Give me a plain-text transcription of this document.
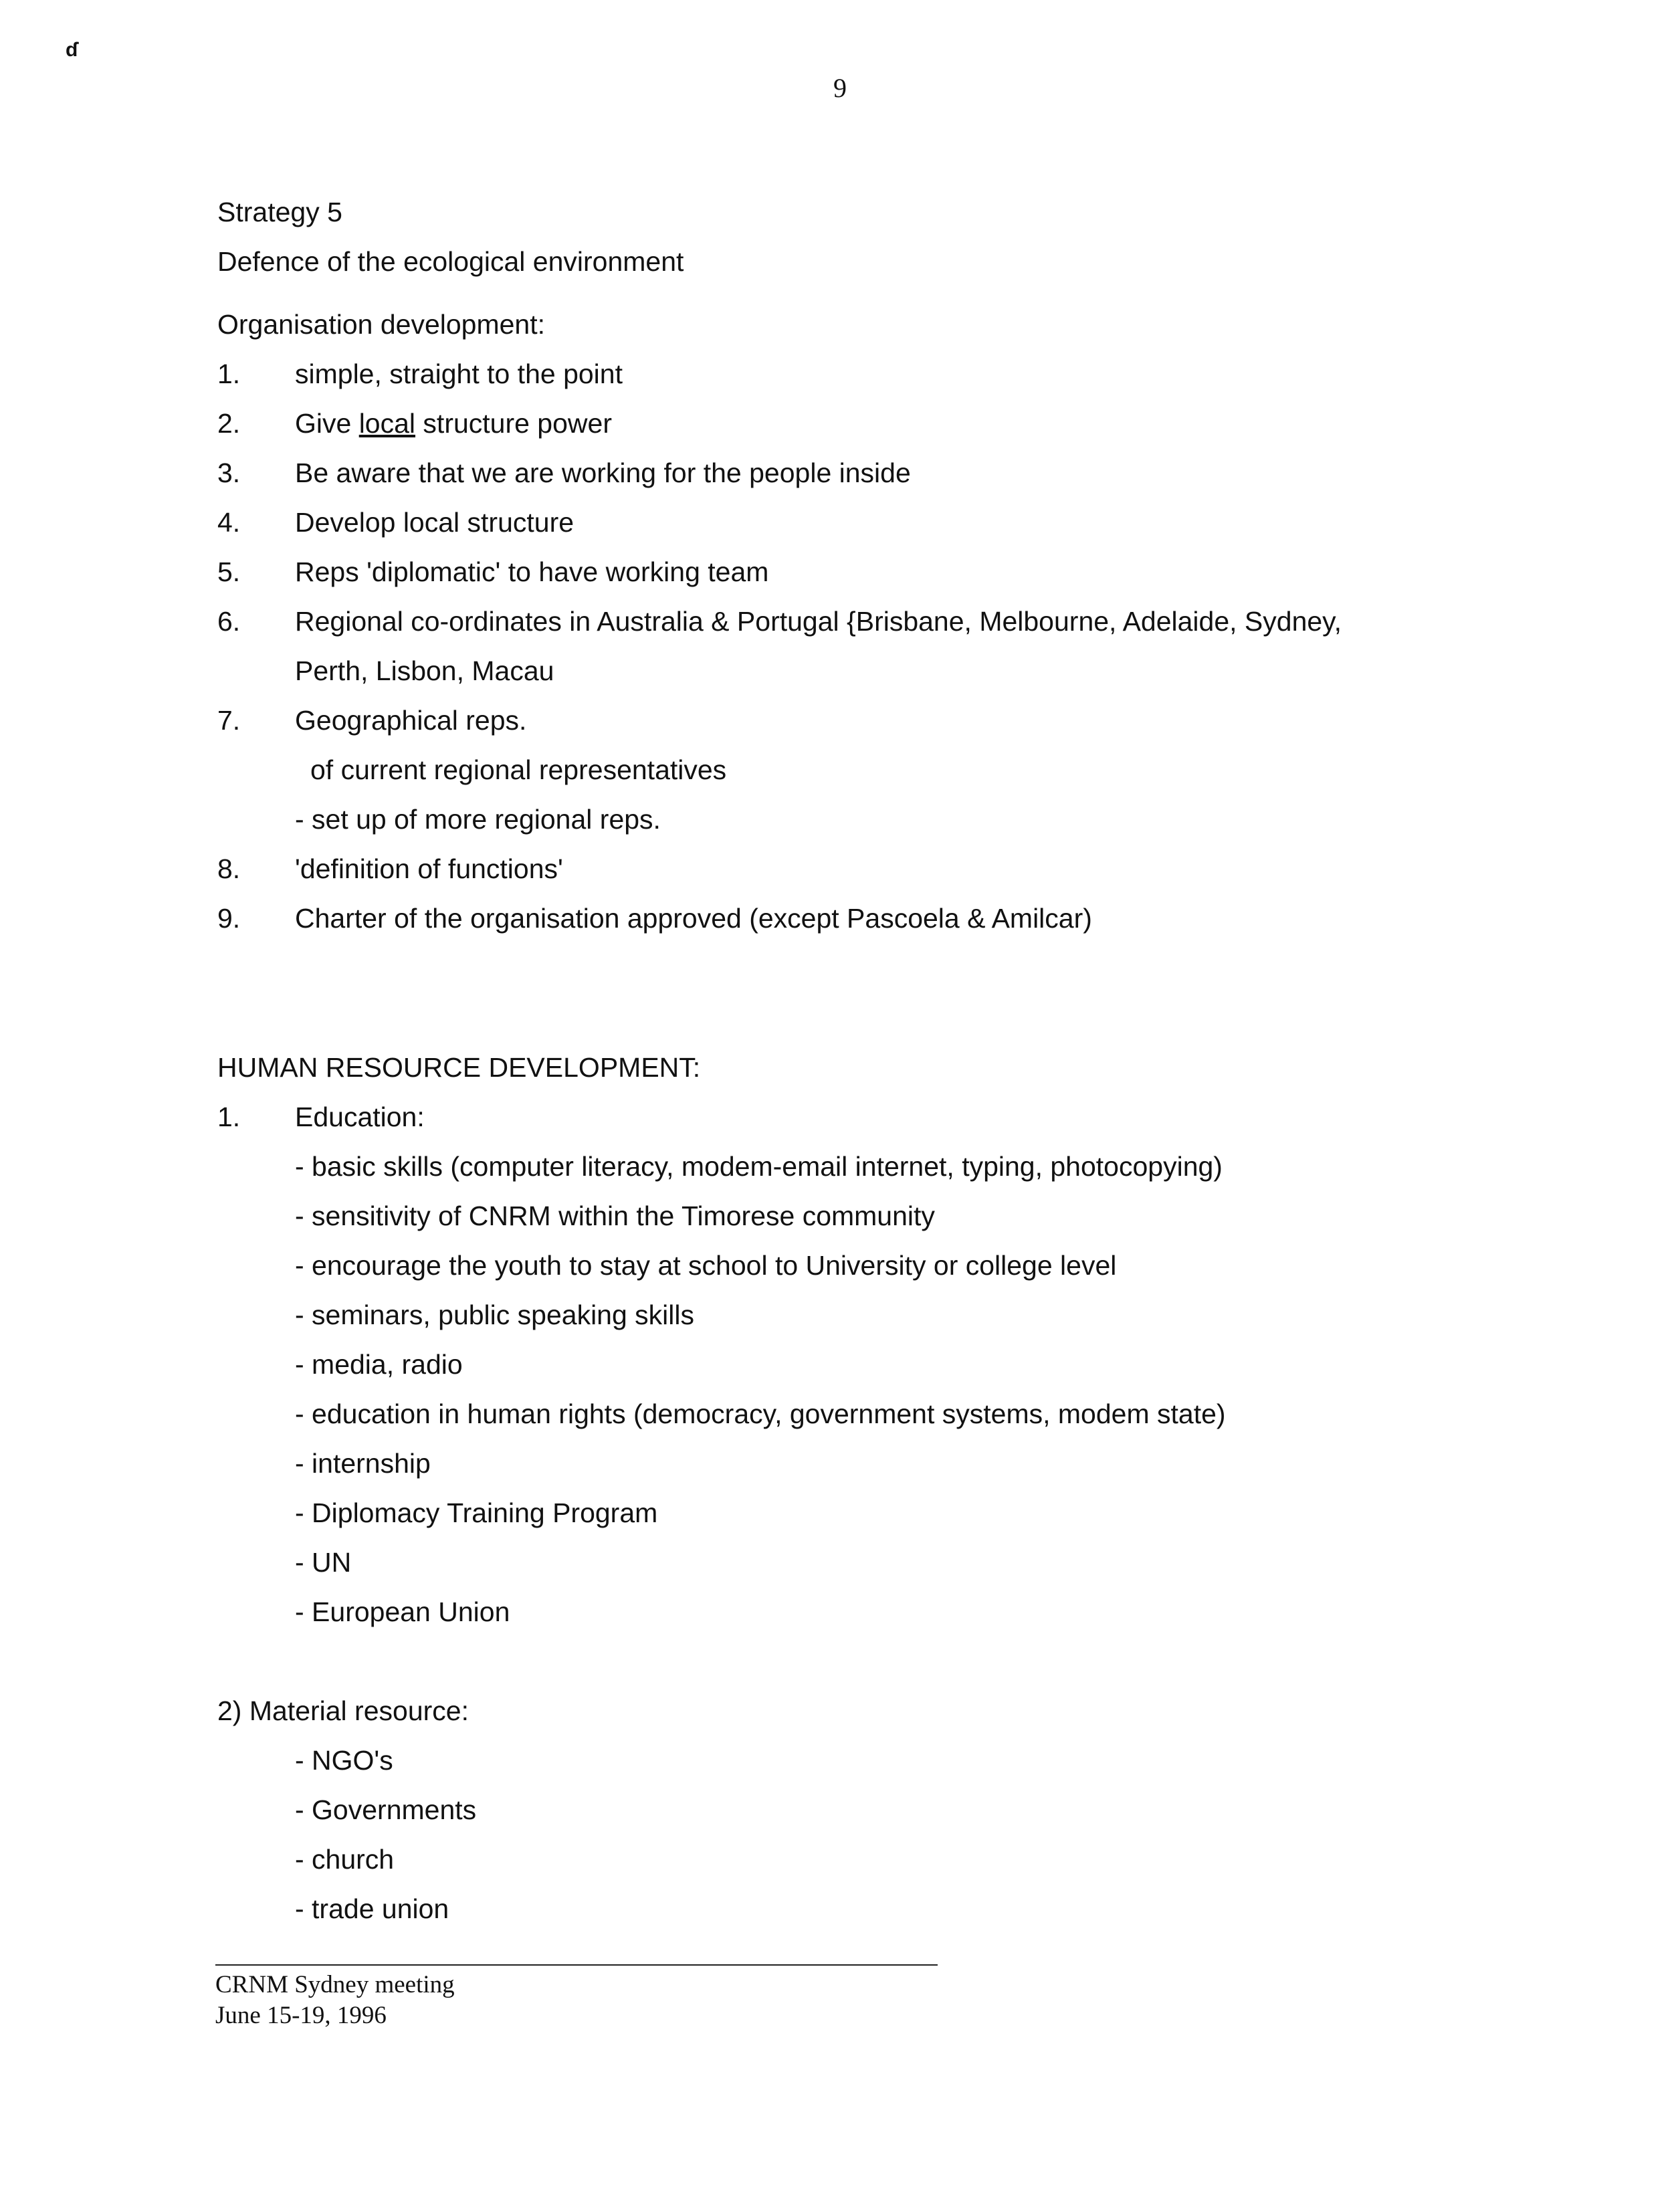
ɗ
9
Strategy 5
Defence of the ecological environment
Organisation development:
1. simple, straight to the point
2. Give local structure power
3. Be aware that we are working for the people inside
4. Develop local structure
5. Reps 'diplomatic' to have working team
6. Regional co-ordinates in Australia & Portugal {Brisbane, Melbourne, Adelaide, Sydney,
Perth, Lisbon, Macau
7. Geographical reps.
of current regional representatives
- set up of more regional reps.
8. 'definition of functions'
9. Charter of the organisation approved (except Pascoela & Amilcar)
HUMAN RESOURCE DEVELOPMENT:
1. Education:
- basic skills (computer literacy, modem-email internet, typing, photocopying)
- sensitivity of CNRM within the Timorese community
- encourage the youth to stay at school to University or college level
- seminars, public speaking skills
- media, radio
- education in human rights (democracy, government systems, modem state)
- internship
- Diplomacy Training Program
- UN
- European Union
2) Material resource:
- NGO's
- Governments
- church
- trade union
CRNM Sydney meeting
June 15-19, 1996
